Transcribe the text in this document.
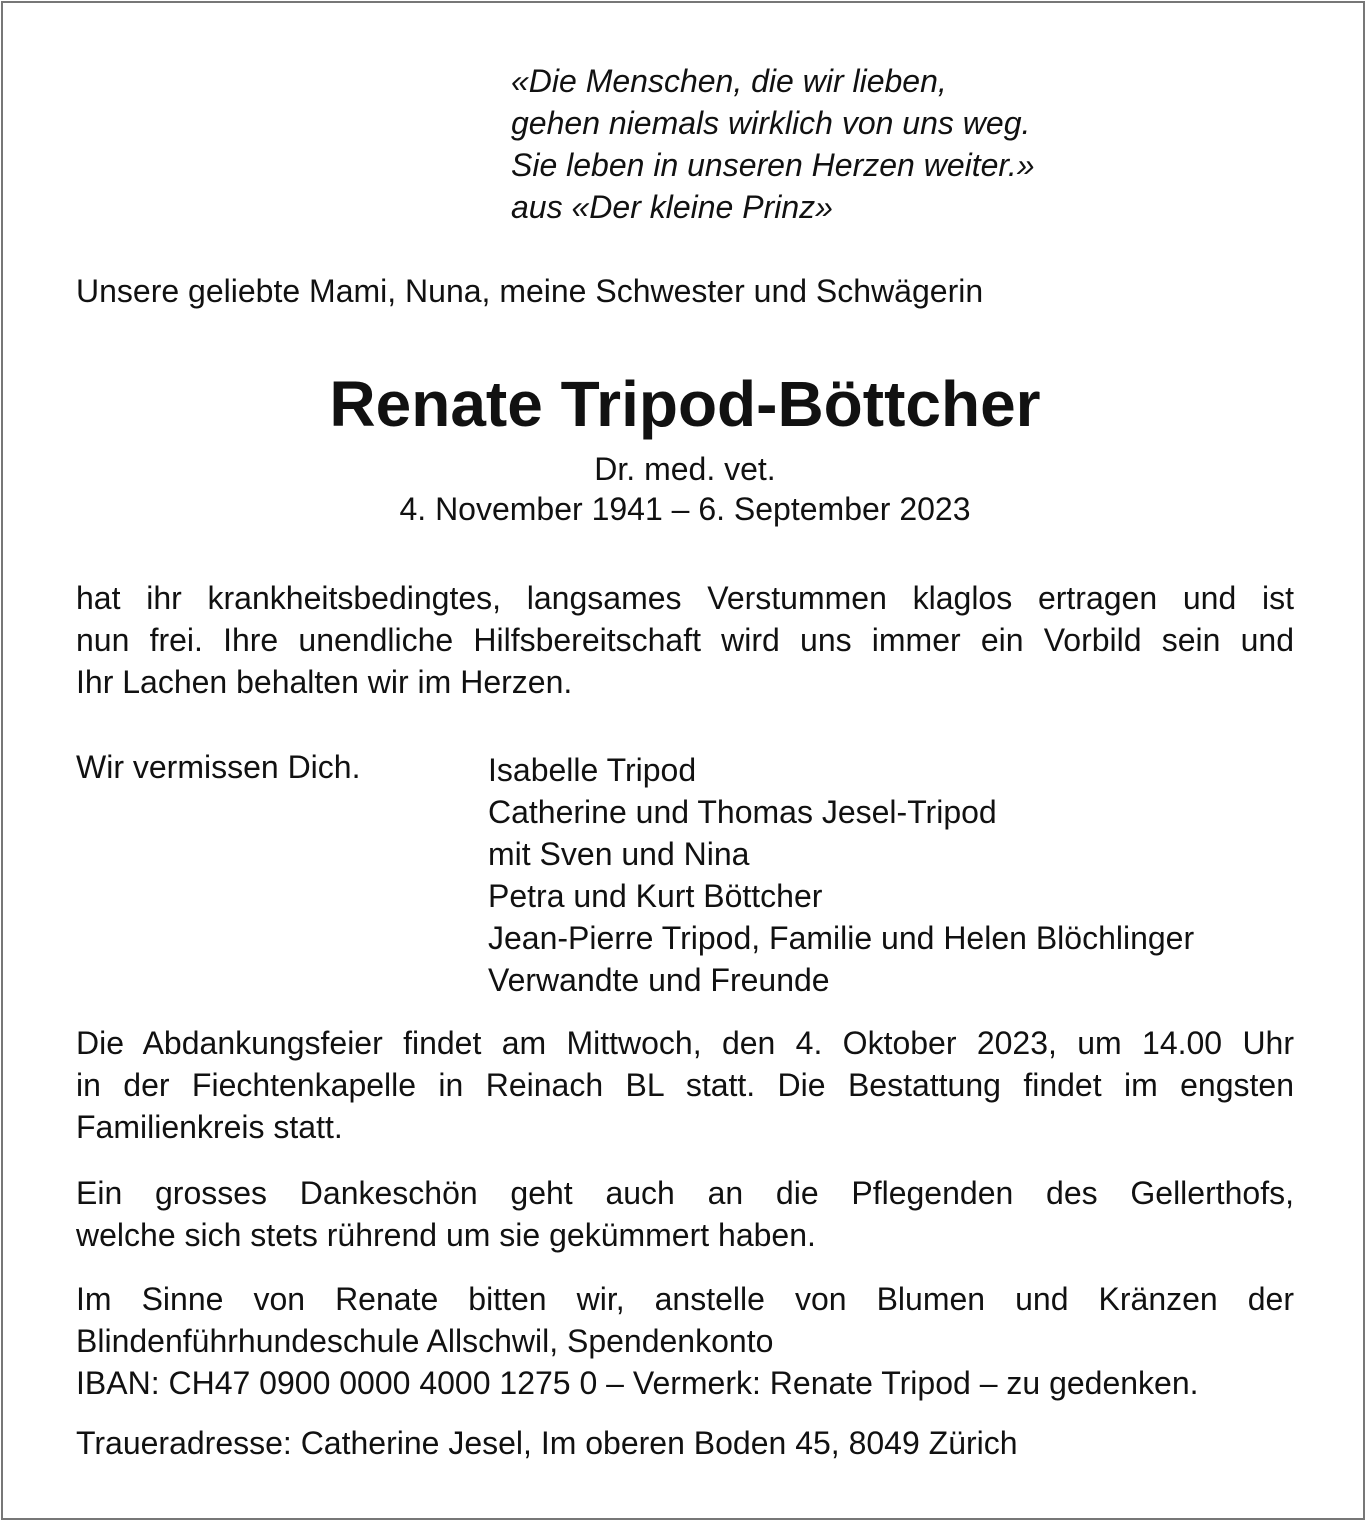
«Die Menschen, die wir lieben,
gehen niemals wirklich von uns weg.
Sie leben in unseren Herzen weiter.»
aus «Der kleine Prinz»
Unsere geliebte Mami, Nuna, meine Schwester und Schwägerin
Renate Tripod-Böttcher
Dr. med. vet.
4. November 1941 – 6. September 2023
hat ihr krankheitsbedingtes, langsames Verstummen klaglos ertragen und ist
nun frei. Ihre unendliche Hilfsbereitschaft wird uns immer ein Vorbild sein und
Ihr Lachen behalten wir im Herzen.
Wir vermissen Dich.	Isabelle Tripod
Catherine und Thomas Jesel-Tripod
mit Sven und Nina
Petra und Kurt Böttcher
Jean-Pierre Tripod, Familie und Helen Blöchlinger
Verwandte und Freunde
Die Abdankungsfeier findet am Mittwoch, den 4. Oktober 2023, um 14.00 Uhr
in der Fiechtenkapelle in Reinach BL statt. Die Bestattung findet im engsten
Familienkreis statt.
Ein grosses Dankeschön geht auch an die Pflegenden des Gellerthofs,
welche sich stets rührend um sie gekümmert haben.
Im Sinne von Renate bitten wir, anstelle von Blumen und Kränzen der
Blindenführhundeschule Allschwil, Spendenkonto
IBAN: CH47 0900 0000 4000 1275 0 – Vermerk: Renate Tripod – zu gedenken.
Traueradresse: Catherine Jesel, Im oberen Boden 45, 8049 Zürich
